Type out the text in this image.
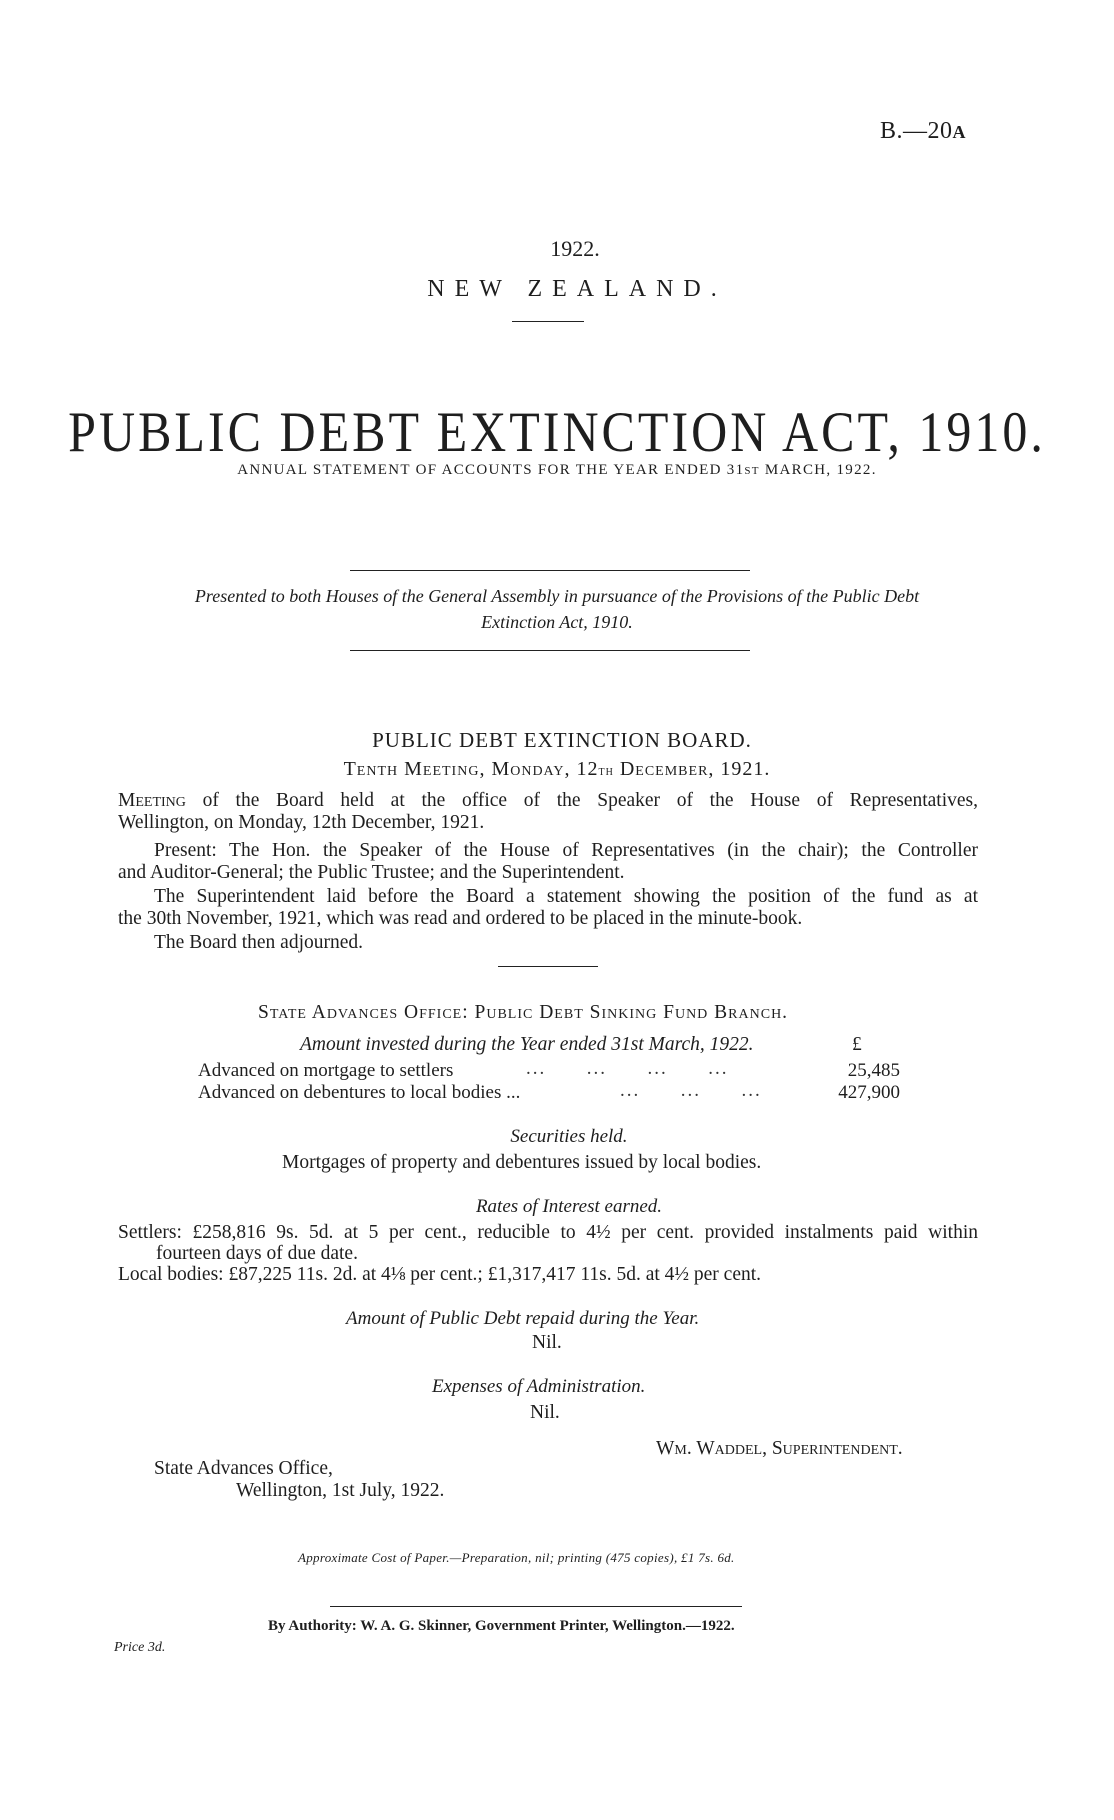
B.—20A
1922.
NEW ZEALAND.
PUBLIC DEBT EXTINCTION ACT, 1910.
ANNUAL STATEMENT OF ACCOUNTS FOR THE YEAR ENDED 31ST MARCH, 1922.
Presented to both Houses of the General Assembly in pursuance of the Provisions of the Public Debt
Extinction Act, 1910.
PUBLIC DEBT EXTINCTION BOARD.
Tenth Meeting, Monday, 12th December, 1921.
Meeting of the Board held at the office of the Speaker of the House of Representatives,
Wellington, on Monday, 12th December, 1921.
Present: The Hon. the Speaker of the House of Representatives (in the chair); the Controller
and Auditor-General; the Public Trustee; and the Superintendent.
The Superintendent laid before the Board a statement showing the position of the fund as at
the 30th November, 1921, which was read and ordered to be placed in the minute-book.
The Board then adjourned.
State Advances Office: Public Debt Sinking Fund Branch.
Amount invested during the Year ended 31st March, 1922.	£
Advanced on mortgage to settlers	...      ...      ...      ...	25,485
Advanced on debentures to local bodies ...	...      ...      ...	427,900
Securities held.
Mortgages of property and debentures issued by local bodies.
Rates of Interest earned.
Settlers: £258,816 9s. 5d. at 5 per cent., reducible to 4½ per cent. provided instalments paid within
fourteen days of due date.
Local bodies: £87,225 11s. 2d. at 4⅛ per cent.; £1,317,417 11s. 5d. at 4½ per cent.
Amount of Public Debt repaid during the Year.
Nil.
Expenses of Administration.
Nil.
Wm. Waddel, Superintendent.
State Advances Office,
Wellington, 1st July, 1922.
Approximate Cost of Paper.—Preparation, nil; printing (475 copies), £1 7s. 6d.
By Authority: W. A. G. Skinner, Government Printer, Wellington.—1922.
Price 3d.
